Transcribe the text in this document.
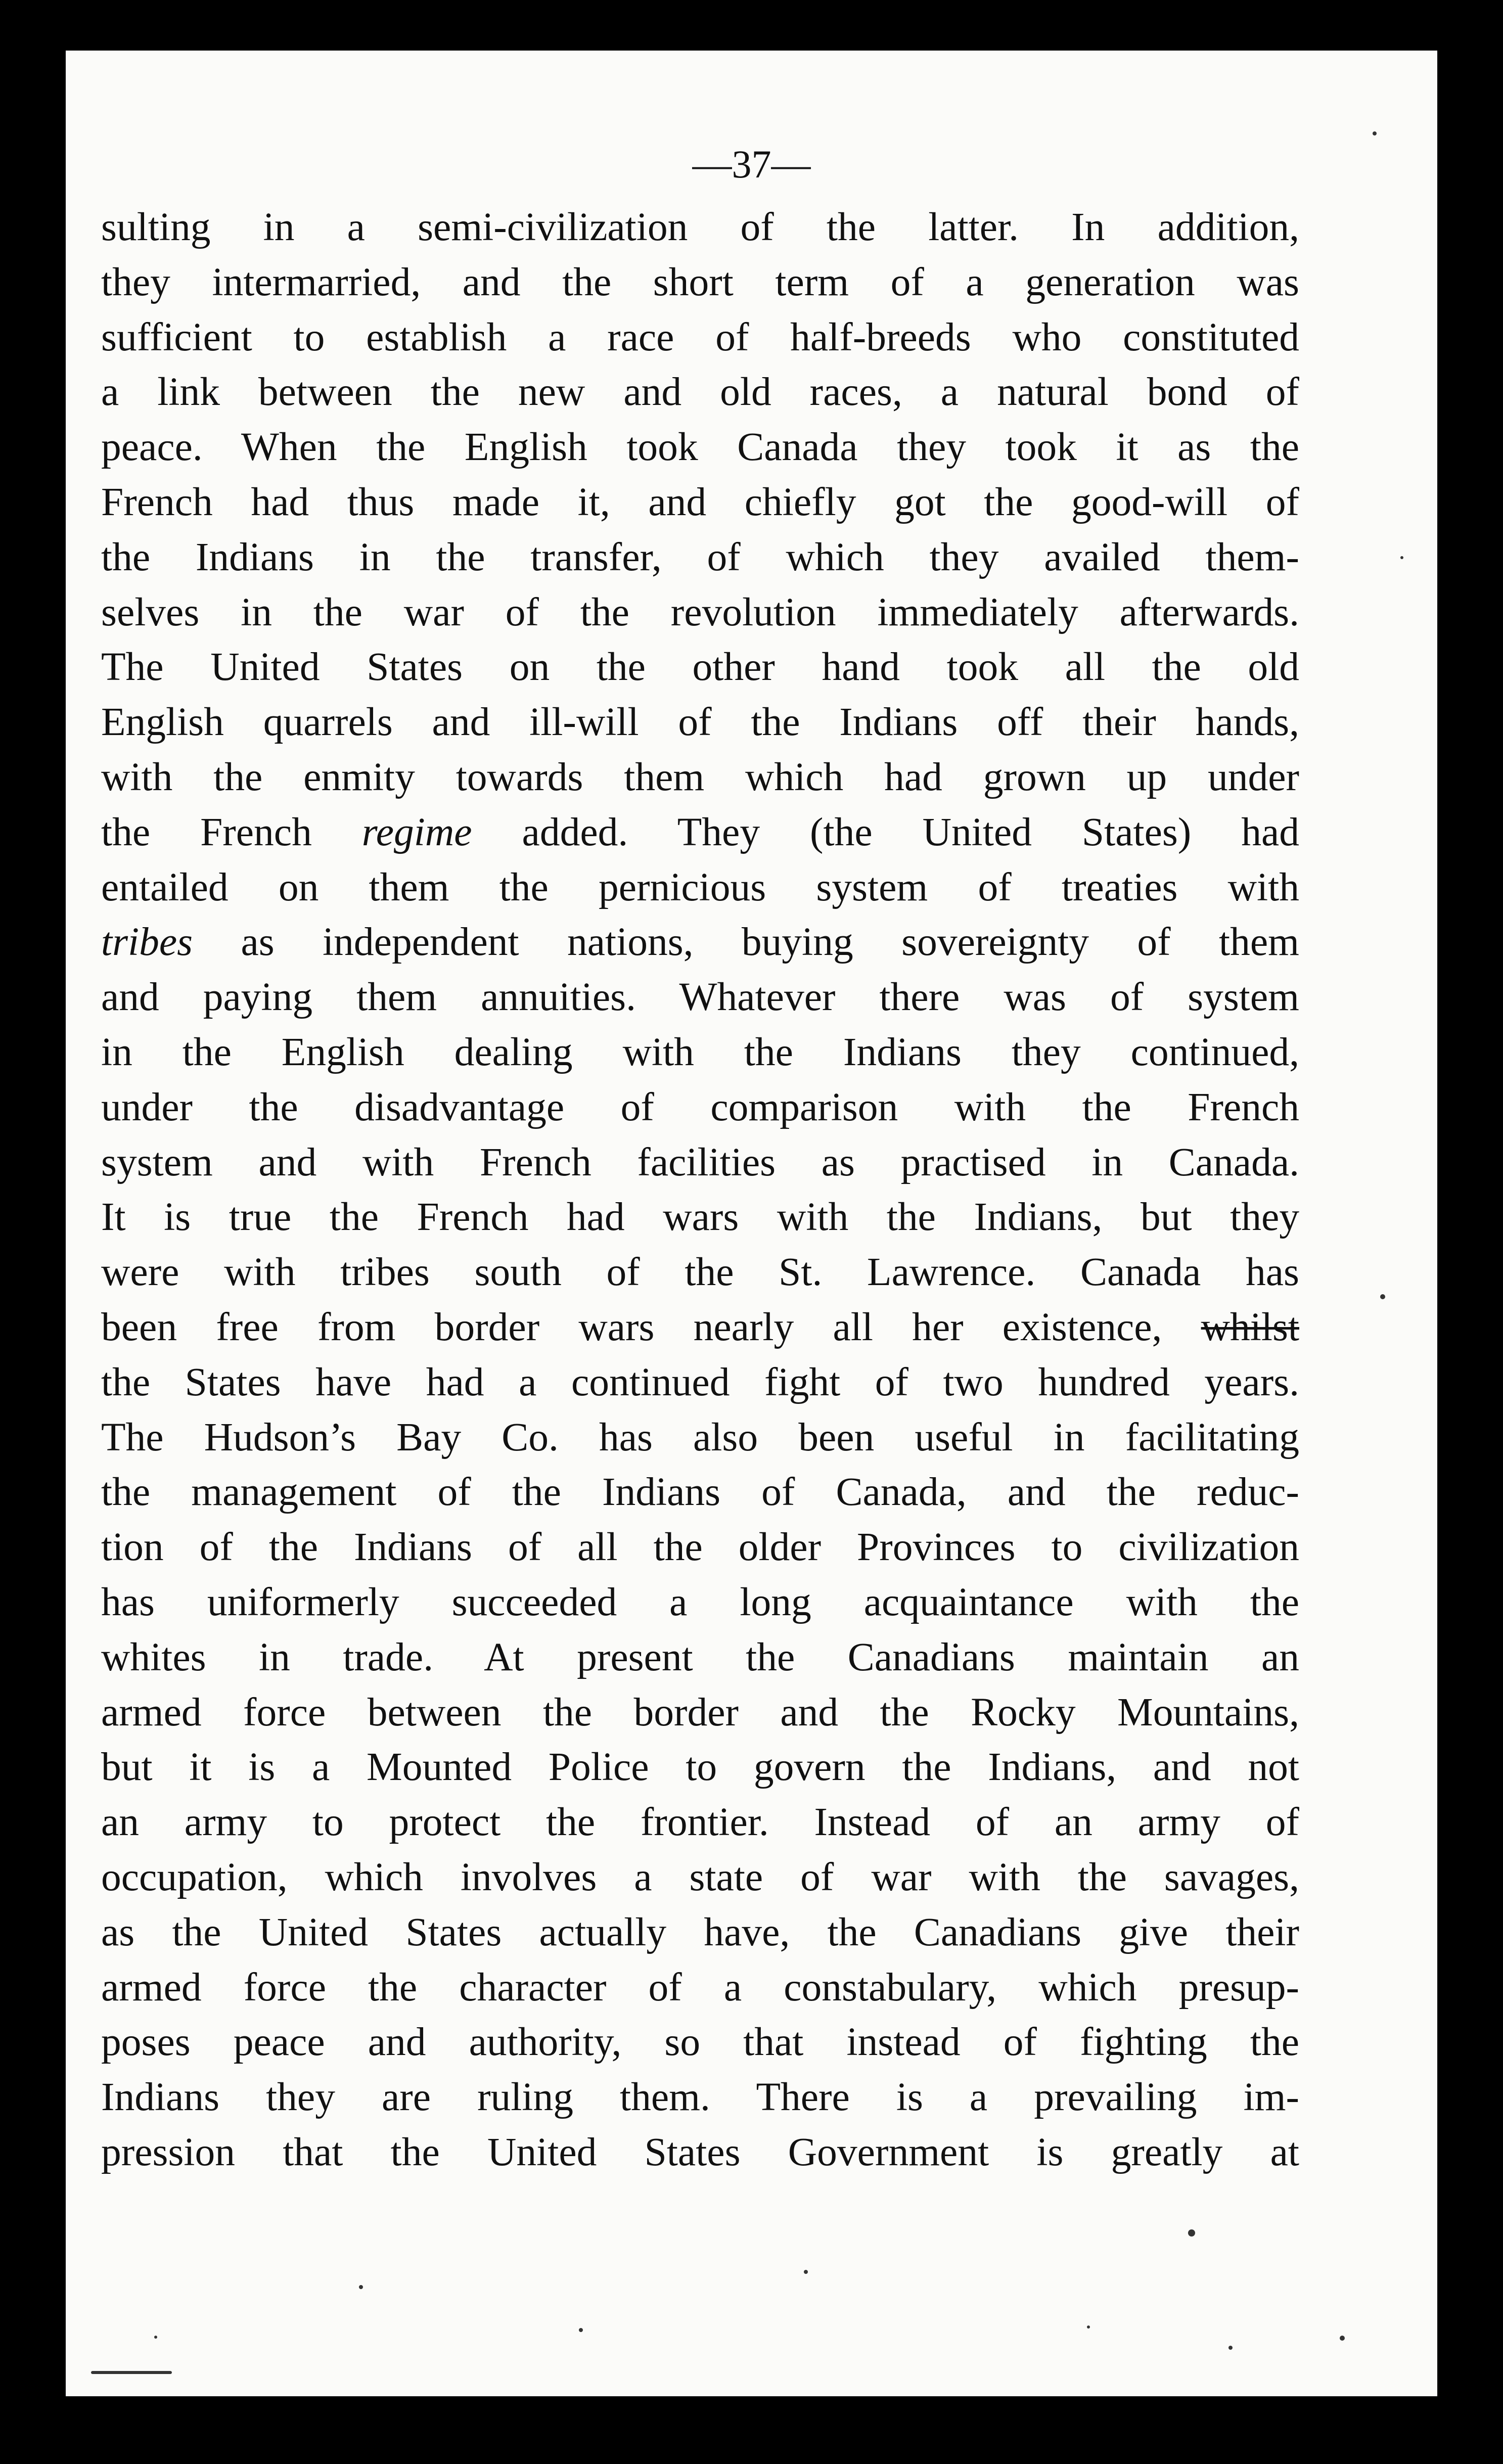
—37—
sulting in a semi-civilization of the latter. In addition,
they intermarried, and the short term of a generation was
sufficient to establish a race of half-breeds who constituted
a link between the new and old races, a natural bond of
peace. When the English took Canada they took it as the
French had thus made it, and chiefly got the good-will of
the Indians in the transfer, of which they availed them-
selves in the war of the revolution immediately afterwards.
The United States on the other hand took all the old
English quarrels and ill-will of the Indians off their hands,
with the enmity towards them which had grown up under
the French regime added. They (the United States) had
entailed on them the pernicious system of treaties with
tribes as independent nations, buying sovereignty of them
and paying them annuities. Whatever there was of system
in the English dealing with the Indians they continued,
under the disadvantage of comparison with the French
system and with French facilities as practised in Canada.
It is true the French had wars with the Indians, but they
were with tribes south of the St. Lawrence. Canada has
been free from border wars nearly all her existence, whilst
the States have had a continued fight of two hundred years.
The Hudson’s Bay Co. has also been useful in facilitating
the management of the Indians of Canada, and the reduc-
tion of the Indians of all the older Provinces to civilization
has uniformerly succeeded a long acquaintance with the
whites in trade. At present the Canadians maintain an
armed force between the border and the Rocky Mountains,
but it is a Mounted Police to govern the Indians, and not
an army to protect the frontier. Instead of an army of
occupation, which involves a state of war with the savages,
as the United States actually have, the Canadians give their
armed force the character of a constabulary, which presup-
poses peace and authority, so that instead of fighting the
Indians they are ruling them. There is a prevailing im-
pression that the United States Government is greatly at
